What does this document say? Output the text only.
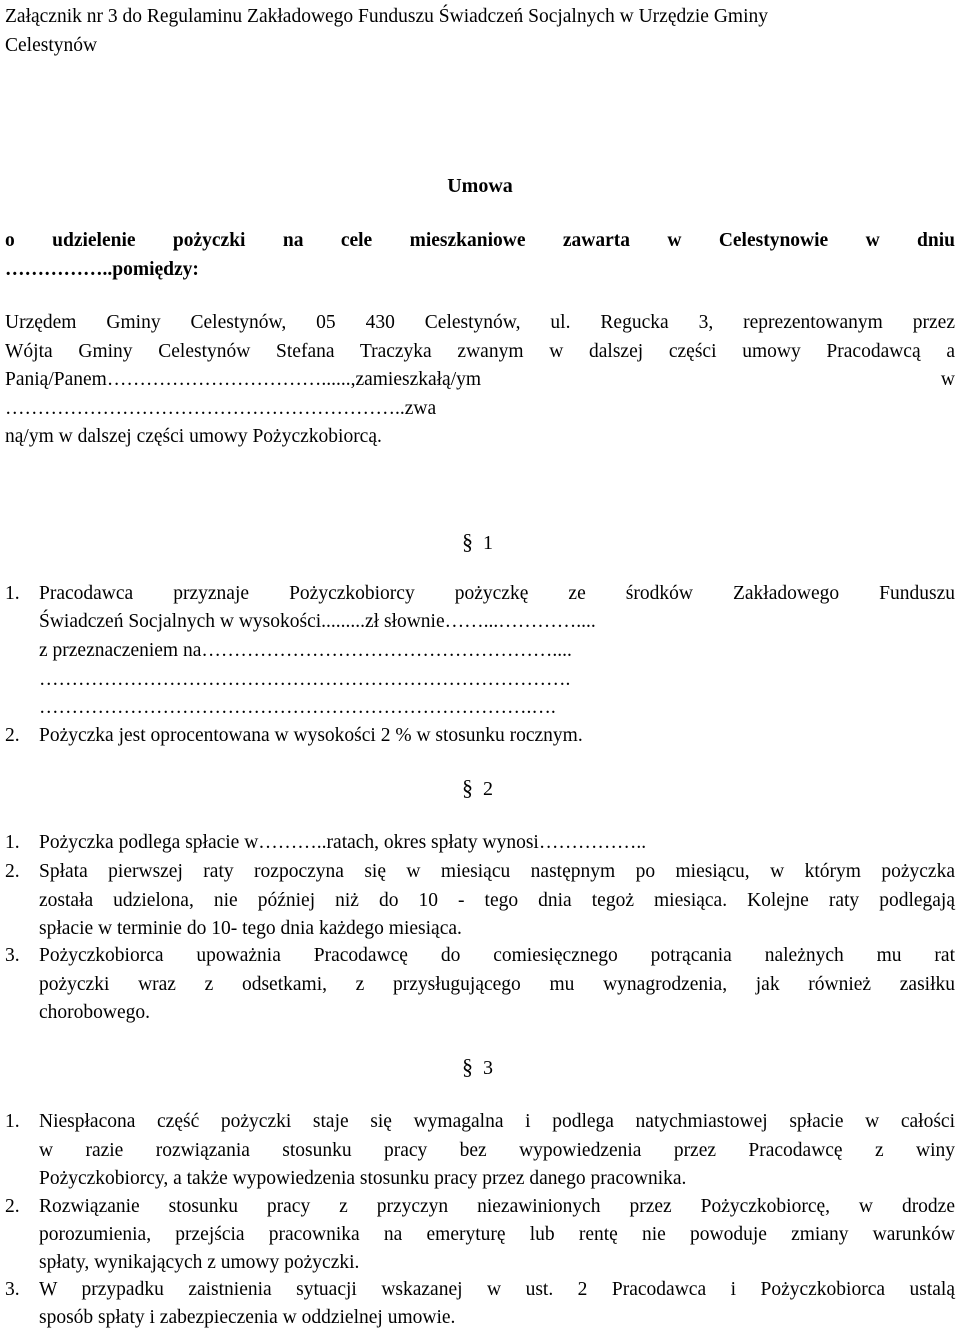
Załącznik nr 3 do Regulaminu Zakładowego Funduszu Świadczeń Socjalnych w Urzędzie Gminy
Celestynów
Umowa
o udzielenie pożyczki na cele mieszkaniowe zawarta w Celestynowie w dniu
……………..pomiędzy:
Urzędem Gminy Celestynów, 05 430 Celestynów, ul. Regucka 3, reprezentowanym przez
Wójta Gminy Celestynów Stefana Traczyka zwanym w dalszej części umowy Pracodawcą a
Panią/Panem……………………………......,zamieszkałą/ym w
……………………………………………………..zwa
ną/ym w dalszej części umowy Pożyczkobiorcą.
§ 1
1. Pracodawca przyznaje Pożyczkobiorcy pożyczkę ze środków Zakładowego Funduszu
Świadczeń Socjalnych w wysokości.........zł słownie……...…………....
z przeznaczeniem na………………………………………………....
……………………………………………………………………….
………………………………………………………………….….
2. Pożyczka jest oprocentowana w wysokości 2 % w stosunku rocznym.
§ 2
1. Pożyczka podlega spłacie w………..ratach, okres spłaty wynosi……………..
2. Spłata pierwszej raty rozpoczyna się w miesiącu następnym po miesiącu, w którym pożyczka
została udzielona, nie później niż do 10 - tego dnia tegoż miesiąca. Kolejne raty podlegają
spłacie w terminie do 10- tego dnia każdego miesiąca.
3. Pożyczkobiorca upoważnia Pracodawcę do comiesięcznego potrącania należnych mu rat
pożyczki wraz z odsetkami, z przysługującego mu wynagrodzenia, jak również zasiłku
chorobowego.
§ 3
1. Niespłacona część pożyczki staje się wymagalna i podlega natychmiastowej spłacie w całości
w razie rozwiązania stosunku pracy bez wypowiedzenia przez Pracodawcę z winy
Pożyczkobiorcy, a także wypowiedzenia stosunku pracy przez danego pracownika.
2. Rozwiązanie stosunku pracy z przyczyn niezawinionych przez Pożyczkobiorcę, w drodze
porozumienia, przejścia pracownika na emeryturę lub rentę nie powoduje zmiany warunków
spłaty, wynikających z umowy pożyczki.
3. W przypadku zaistnienia sytuacji wskazanej w ust. 2 Pracodawca i Pożyczkobiorca ustalą
sposób spłaty i zabezpieczenia w oddzielnej umowie.
